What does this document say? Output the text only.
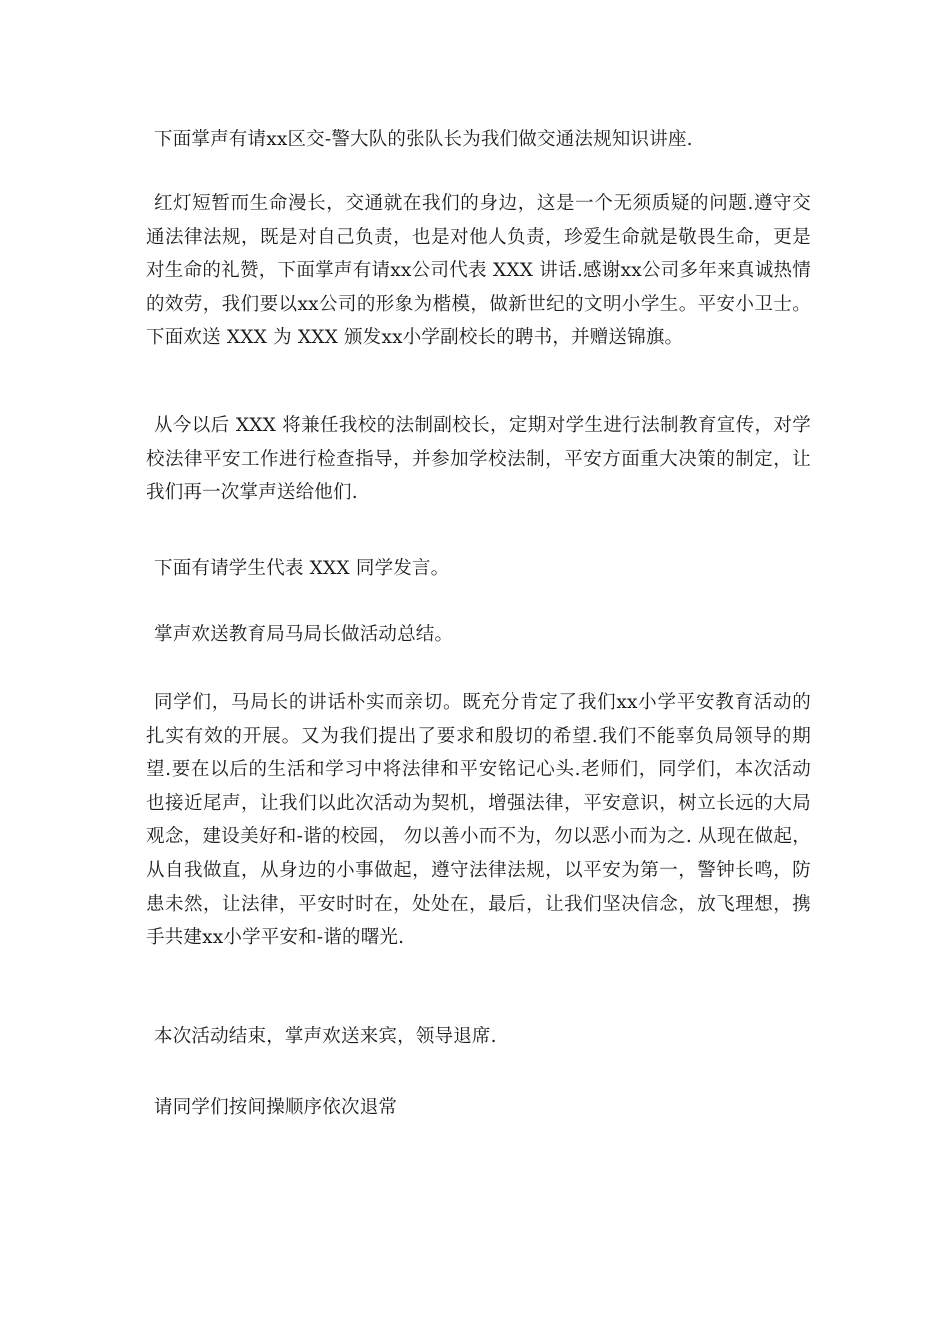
下面掌声有请xx区交-警大队的张队长为我们做交通法规知识讲座.

红灯短暂而生命漫长，交通就在我们的身边，这是一个无须质疑的问题.遵守交通法律法规，既是对自己负责，也是对他人负责，珍爱生命就是敬畏生命，更是对生命的礼赞，下面掌声有请xx公司代表 XXX 讲话.感谢xx公司多年来真诚热情的效劳，我们要以xx公司的形象为楷模，做新世纪的文明小学生。平安小卫士。下面欢送 XXX 为 XXX 颁发xx小学副校长的聘书，并赠送锦旗。

从今以后 XXX 将兼任我校的法制副校长，定期对学生进行法制教育宣传，对学校法律平安工作进行检查指导，并参加学校法制，平安方面重大决策的制定，让我们再一次掌声送给他们.

下面有请学生代表 XXX 同学发言。

掌声欢送教育局马局长做活动总结。

同学们，马局长的讲话朴实而亲切。既充分肯定了我们xx小学平安教育活动的扎实有效的开展。又为我们提出了要求和殷切的希望.我们不能辜负局领导的期望.要在以后的生活和学习中将法律和平安铭记心头.老师们，同学们，本次活动也接近尾声，让我们以此次活动为契机，增强法律，平安意识，树立长远的大局观念，建设美好和-谐的校园， 勿以善小而不为，勿以恶小而为之. 从现在做起，从自我做直，从身边的小事做起，遵守法律法规，以平安为第一，警钟长鸣，防患未然，让法律，平安时时在，处处在，最后，让我们坚决信念，放飞理想，携手共建xx小学平安和-谐的曙光.

本次活动结束，掌声欢送来宾，领导退席.

请同学们按间操顺序依次退常
